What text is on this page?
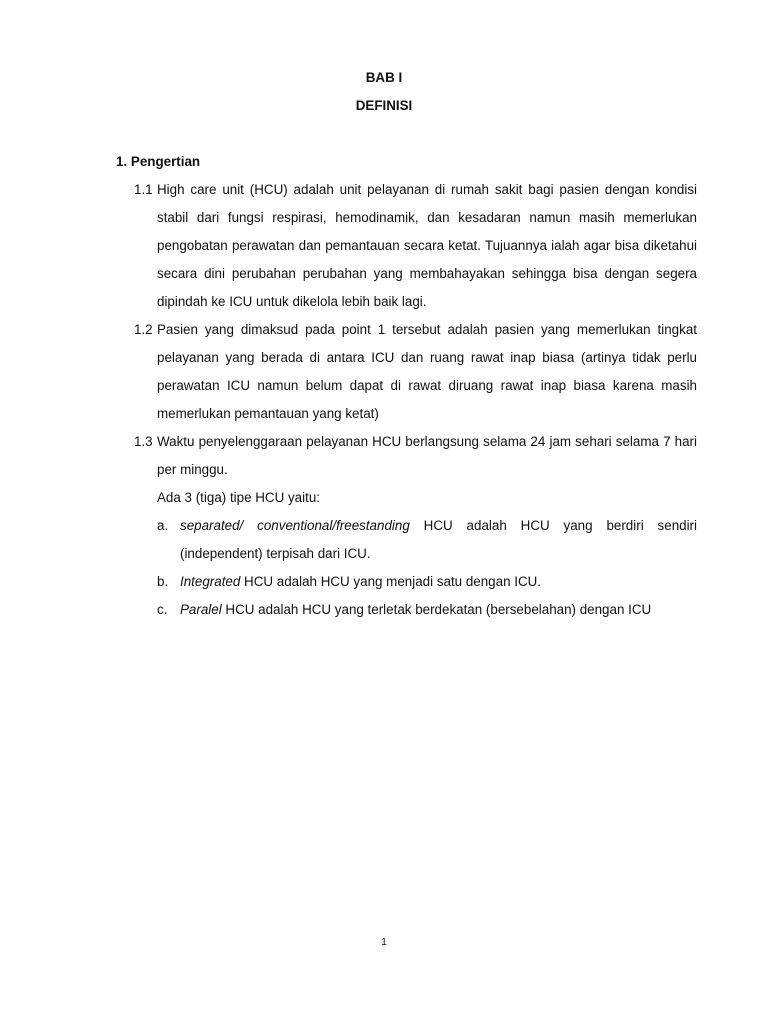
BAB I
DEFINISI
1. Pengertian
1.1 High care unit (HCU) adalah unit pelayanan di rumah sakit bagi pasien dengan kondisi stabil dari fungsi respirasi, hemodinamik, dan kesadaran namun masih memerlukan pengobatan perawatan dan pemantauan secara ketat. Tujuannya ialah agar bisa diketahui secara dini perubahan perubahan yang membahayakan sehingga bisa dengan segera dipindah ke ICU untuk dikelola lebih baik lagi.
1.2 Pasien yang dimaksud pada point 1 tersebut adalah pasien yang memerlukan tingkat pelayanan yang berada di antara ICU dan ruang rawat inap biasa (artinya tidak perlu perawatan ICU namun belum dapat di rawat diruang rawat inap biasa karena masih memerlukan pemantauan yang ketat)
1.3 Waktu penyelenggaraan pelayanan HCU berlangsung selama 24 jam sehari selama 7 hari per minggu.
Ada 3 (tiga) tipe HCU yaitu:
a. separated/ conventional/freestanding HCU adalah HCU yang berdiri sendiri (independent) terpisah dari ICU.
b. Integrated HCU adalah HCU yang menjadi satu dengan ICU.
c. Paralel HCU adalah HCU yang terletak berdekatan (bersebelahan) dengan ICU
1
